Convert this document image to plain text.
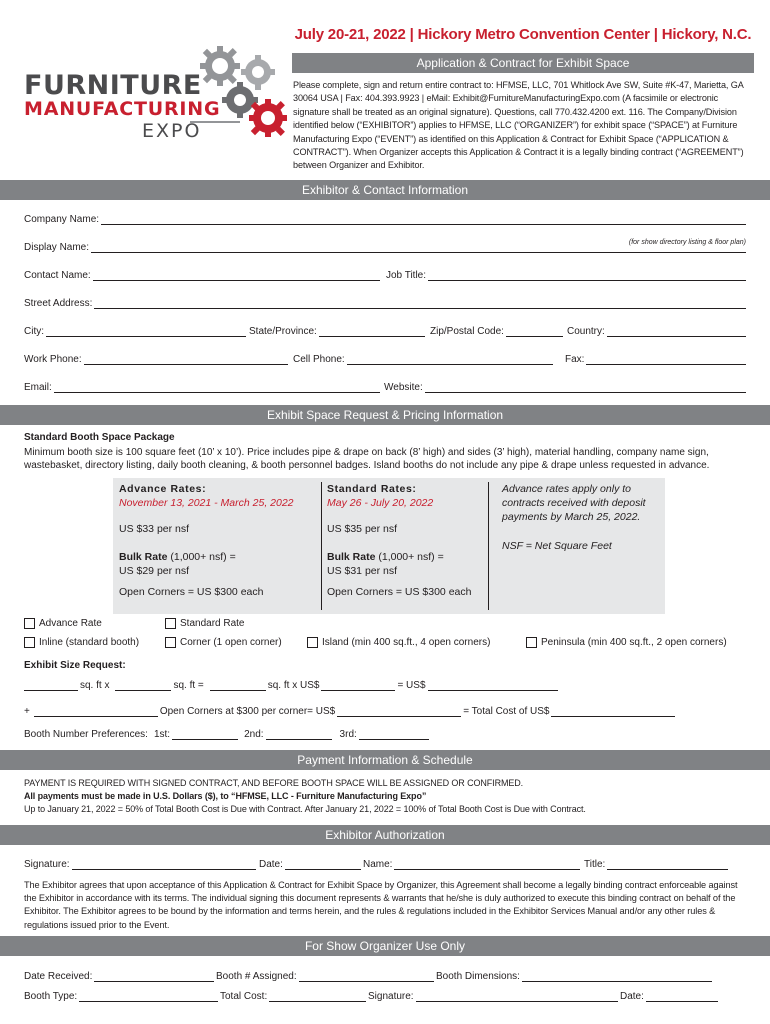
July 20-21, 2022 | Hickory Metro Convention Center | Hickory, N.C.
FURNITURE
MANUFACTURING
EXPO
Application & Contract for Exhibit Space
Please complete, sign and return entire contract to: HFMSE, LLC, 701 Whitlock Ave SW, Suite #K-47, Marietta, GA 30064 USA | Fax: 404.393.9923 | eMail: Exhibit@FurnitureManufacturingExpo.com (A facsimile or electronic signature shall be treated as an original signature). Questions, call 770.432.4200 ext. 116. The Company/Division identified below (“EXHIBITOR”) applies to HFMSE, LLC (“ORGANIZER”) for exhibit space (“SPACE”) at Furniture Manufacturing Expo (“EVENT”) as identified on this Application & Contract for Exhibit Space (“APPLICATION & CONTRACT”). When Organizer accepts this Application & Contract it is a legally binding contract (“AGREEMENT”) between Organizer and Exhibitor.
Exhibitor & Contact Information
Company Name:
Display Name:	(for show directory listing & floor plan)
Contact Name:	Job Title:
Street Address:
City:	State/Province:	Zip/Postal Code:	Country:
Work Phone:	Cell Phone:	Fax:
Email:	Website:
Exhibit Space Request & Pricing Information
Standard Booth Space Package
Minimum booth size is 100 square feet (10’ x 10’). Price includes pipe & drape on back (8’ high) and sides (3’ high), material handling, company name sign, wastebasket, directory listing, daily booth cleaning, & booth personnel badges. Island booths do not include any pipe & drape unless requested in advance.
Advance Rates:
November 13, 2021 - March 25, 2022
US $33 per nsf
Bulk Rate (1,000+ nsf) =
US $29 per nsf
Open Corners = US $300 each
Standard Rates:
May 26 - July 20, 2022
US $35 per nsf
Bulk Rate (1,000+ nsf) =
US $31 per nsf
Open Corners = US $300 each
Advance rates apply only to contracts received with deposit payments by March 25, 2022.
NSF = Net Square Feet
Advance Rate	Standard Rate
Inline (standard booth)	Corner (1 open corner)	Island (min 400 sq.ft., 4 open corners)	Peninsula (min 400 sq.ft., 2 open corners)
Exhibit Size Request:
sq. ft x	sq. ft =	sq. ft x US$	= US$
+	Open Corners at $300 per corner= US$	= Total Cost of US$
Booth Number Preferences: 1st:	2nd:	3rd:
Payment Information & Schedule
PAYMENT IS REQUIRED WITH SIGNED CONTRACT, AND BEFORE BOOTH SPACE WILL BE ASSIGNED OR CONFIRMED.
All payments must be made in U.S. Dollars ($), to “HFMSE, LLC - Furniture Manufacturing Expo”
Up to January 21, 2022 = 50% of Total Booth Cost is Due with Contract. After January 21, 2022 = 100% of Total Booth Cost is Due with Contract.
Exhibitor Authorization
Signature:	Date:	Name:	Title:
The Exhibitor agrees that upon acceptance of this Application & Contract for Exhibit Space by Organizer, this Agreement shall become a legally binding contract enforceable against the Exhibitor in accordance with its terms. The individual signing this document represents & warrants that he/she is duly authorized to execute this binding contract on behalf of the Exhibitor. The Exhibitor agrees to be bound by the information and terms herein, and the rules & regulations included in the Exhibitor Services Manual and/or any other rules & regulations issued prior to the Event.
For Show Organizer Use Only
Date Received:	Booth # Assigned:	Booth Dimensions:
Booth Type:	Total Cost:	Signature:	Date:
